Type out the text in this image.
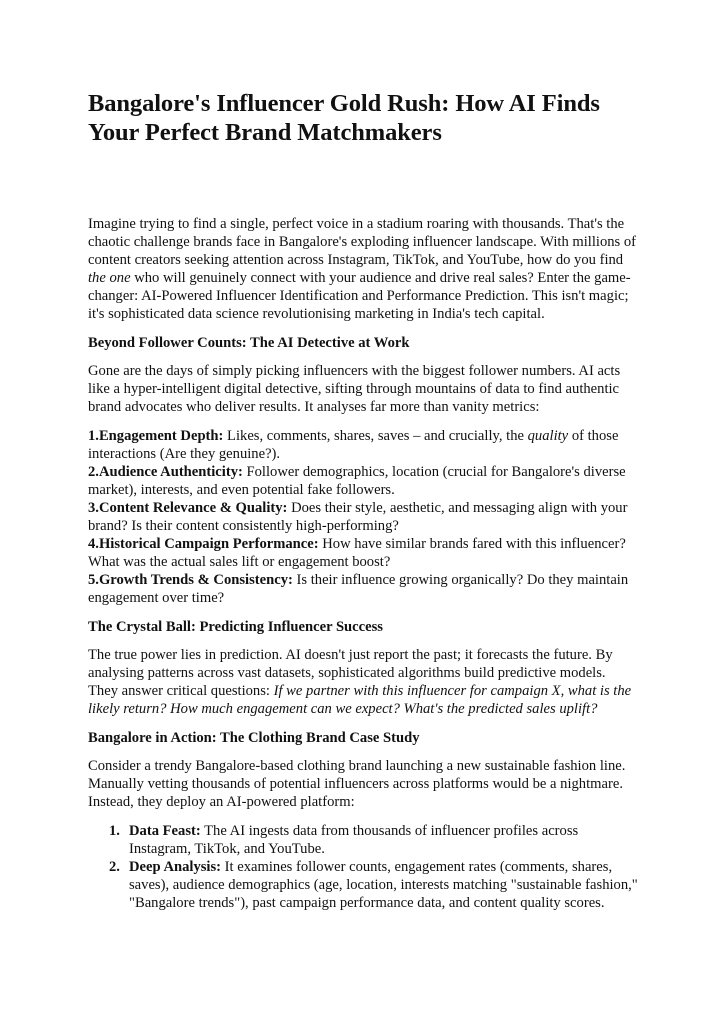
Bangalore's Influencer Gold Rush: How AI Finds Your Perfect Brand Matchmakers

Imagine trying to find a single, perfect voice in a stadium roaring with thousands. That's the chaotic challenge brands face in Bangalore's exploding influencer landscape. With millions of content creators seeking attention across Instagram, TikTok, and YouTube, how do you find the one who will genuinely connect with your audience and drive real sales? Enter the game-changer: AI-Powered Influencer Identification and Performance Prediction. This isn't magic; it's sophisticated data science revolutionising marketing in India's tech capital.

Beyond Follower Counts: The AI Detective at Work

Gone are the days of simply picking influencers with the biggest follower numbers. AI acts like a hyper-intelligent digital detective, sifting through mountains of data to find authentic brand advocates who deliver results. It analyses far more than vanity metrics:

1.Engagement Depth: Likes, comments, shares, saves – and crucially, the quality of those interactions (Are they genuine?).

2.Audience Authenticity: Follower demographics, location (crucial for Bangalore's diverse market), interests, and even potential fake followers.

3.Content Relevance & Quality: Does their style, aesthetic, and messaging align with your brand? Is their content consistently high-performing?

4.Historical Campaign Performance: How have similar brands fared with this influencer? What was the actual sales lift or engagement boost?

5.Growth Trends & Consistency: Is their influence growing organically? Do they maintain engagement over time?

The Crystal Ball: Predicting Influencer Success

The true power lies in prediction. AI doesn't just report the past; it forecasts the future. By analysing patterns across vast datasets, sophisticated algorithms build predictive models. They answer critical questions: If we partner with this influencer for campaign X, what is the likely return? How much engagement can we expect? What's the predicted sales uplift?

Bangalore in Action: The Clothing Brand Case Study

Consider a trendy Bangalore-based clothing brand launching a new sustainable fashion line. Manually vetting thousands of potential influencers across platforms would be a nightmare. Instead, they deploy an AI-powered platform:

1. Data Feast: The AI ingests data from thousands of influencer profiles across Instagram, TikTok, and YouTube.
2. Deep Analysis: It examines follower counts, engagement rates (comments, shares, saves), audience demographics (age, location, interests matching "sustainable fashion," "Bangalore trends"), past campaign performance data, and content quality scores.
